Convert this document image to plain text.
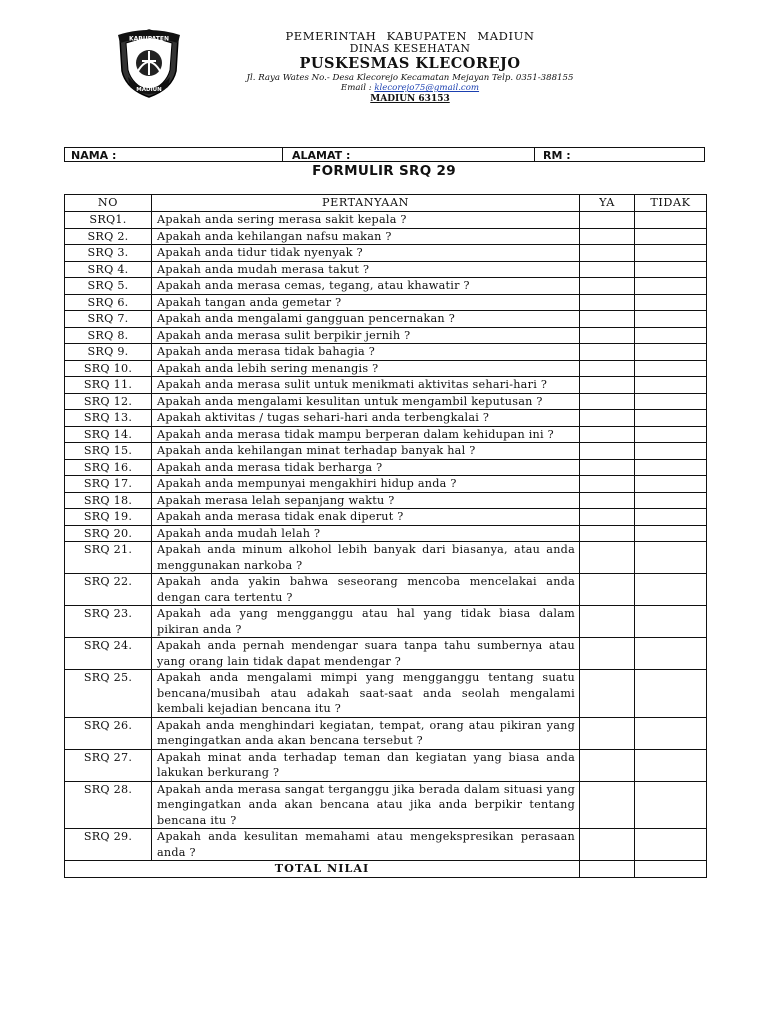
KABUPATEN
MADIUN
PEMERINTAH KABUPATEN MADIUN
DINAS KESEHATAN
PUSKESMAS KLECOREJO
Jl. Raya Wates No.- Desa Klecorejo Kecamatan Mejayan Telp. 0351-388155
Email : klecorejo75@gmail.com
MADIUN 63153
NAMA :	ALAMAT :	RM :
FORMULIR SRQ 29
NO	PERTANYAAN	YA	TIDAK
SRQ1.	Apakah anda sering merasa sakit kepala ?		
SRQ 2.	Apakah anda kehilangan nafsu makan ?		
SRQ 3.	Apakah anda tidur tidak nyenyak ?		
SRQ 4.	Apakah anda mudah merasa takut ?		
SRQ 5.	Apakah anda merasa cemas, tegang, atau khawatir ?		
SRQ 6.	Apakah tangan anda gemetar ?		
SRQ 7.	Apakah anda mengalami gangguan pencernakan ?		
SRQ 8.	Apakah anda merasa sulit berpikir jernih ?		
SRQ 9.	Apakah anda merasa tidak bahagia ?		
SRQ 10.	Apakah anda lebih sering menangis ?		
SRQ 11.	Apakah anda merasa sulit untuk menikmati aktivitas sehari-hari ?		
SRQ 12.	Apakah anda mengalami kesulitan untuk mengambil keputusan ?		
SRQ 13.	Apakah aktivitas / tugas sehari-hari anda terbengkalai ?		
SRQ 14.	Apakah anda merasa tidak mampu berperan dalam kehidupan ini ?		
SRQ 15.	Apakah anda kehilangan minat terhadap banyak hal ?		
SRQ 16.	Apakah anda merasa tidak berharga ?		
SRQ 17.	Apakah anda mempunyai mengakhiri hidup anda ?		
SRQ 18.	Apakah merasa lelah sepanjang waktu ?		
SRQ 19.	Apakah anda merasa tidak enak diperut ?		
SRQ 20.	Apakah anda mudah lelah ?		
SRQ 21.	Apakah anda minum alkohol lebih banyak dari biasanya, atau anda menggunakan narkoba ?		
SRQ 22.	Apakah anda yakin bahwa seseorang mencoba mencelakai anda dengan cara tertentu ?		
SRQ 23.	Apakah ada yang mengganggu atau hal yang tidak biasa dalam pikiran anda ?		
SRQ 24.	Apakah anda pernah mendengar suara tanpa tahu sumbernya atau yang orang lain tidak dapat mendengar ?		
SRQ 25.	Apakah anda mengalami mimpi yang mengganggu tentang suatu bencana/musibah atau adakah saat-saat anda seolah mengalami kembali kejadian bencana itu ?		
SRQ 26.	Apakah anda menghindari kegiatan, tempat, orang atau pikiran yang mengingatkan anda akan bencana tersebut ?		
SRQ 27.	Apakah minat anda terhadap teman dan kegiatan yang biasa anda lakukan berkurang ?		
SRQ 28.	Apakah anda merasa sangat terganggu jika berada dalam situasi yang mengingatkan anda akan bencana atau jika anda berpikir tentang bencana itu ?		
SRQ 29.	Apakah anda kesulitan memahami atau mengekspresikan perasaan anda ?		
TOTAL NILAI			
